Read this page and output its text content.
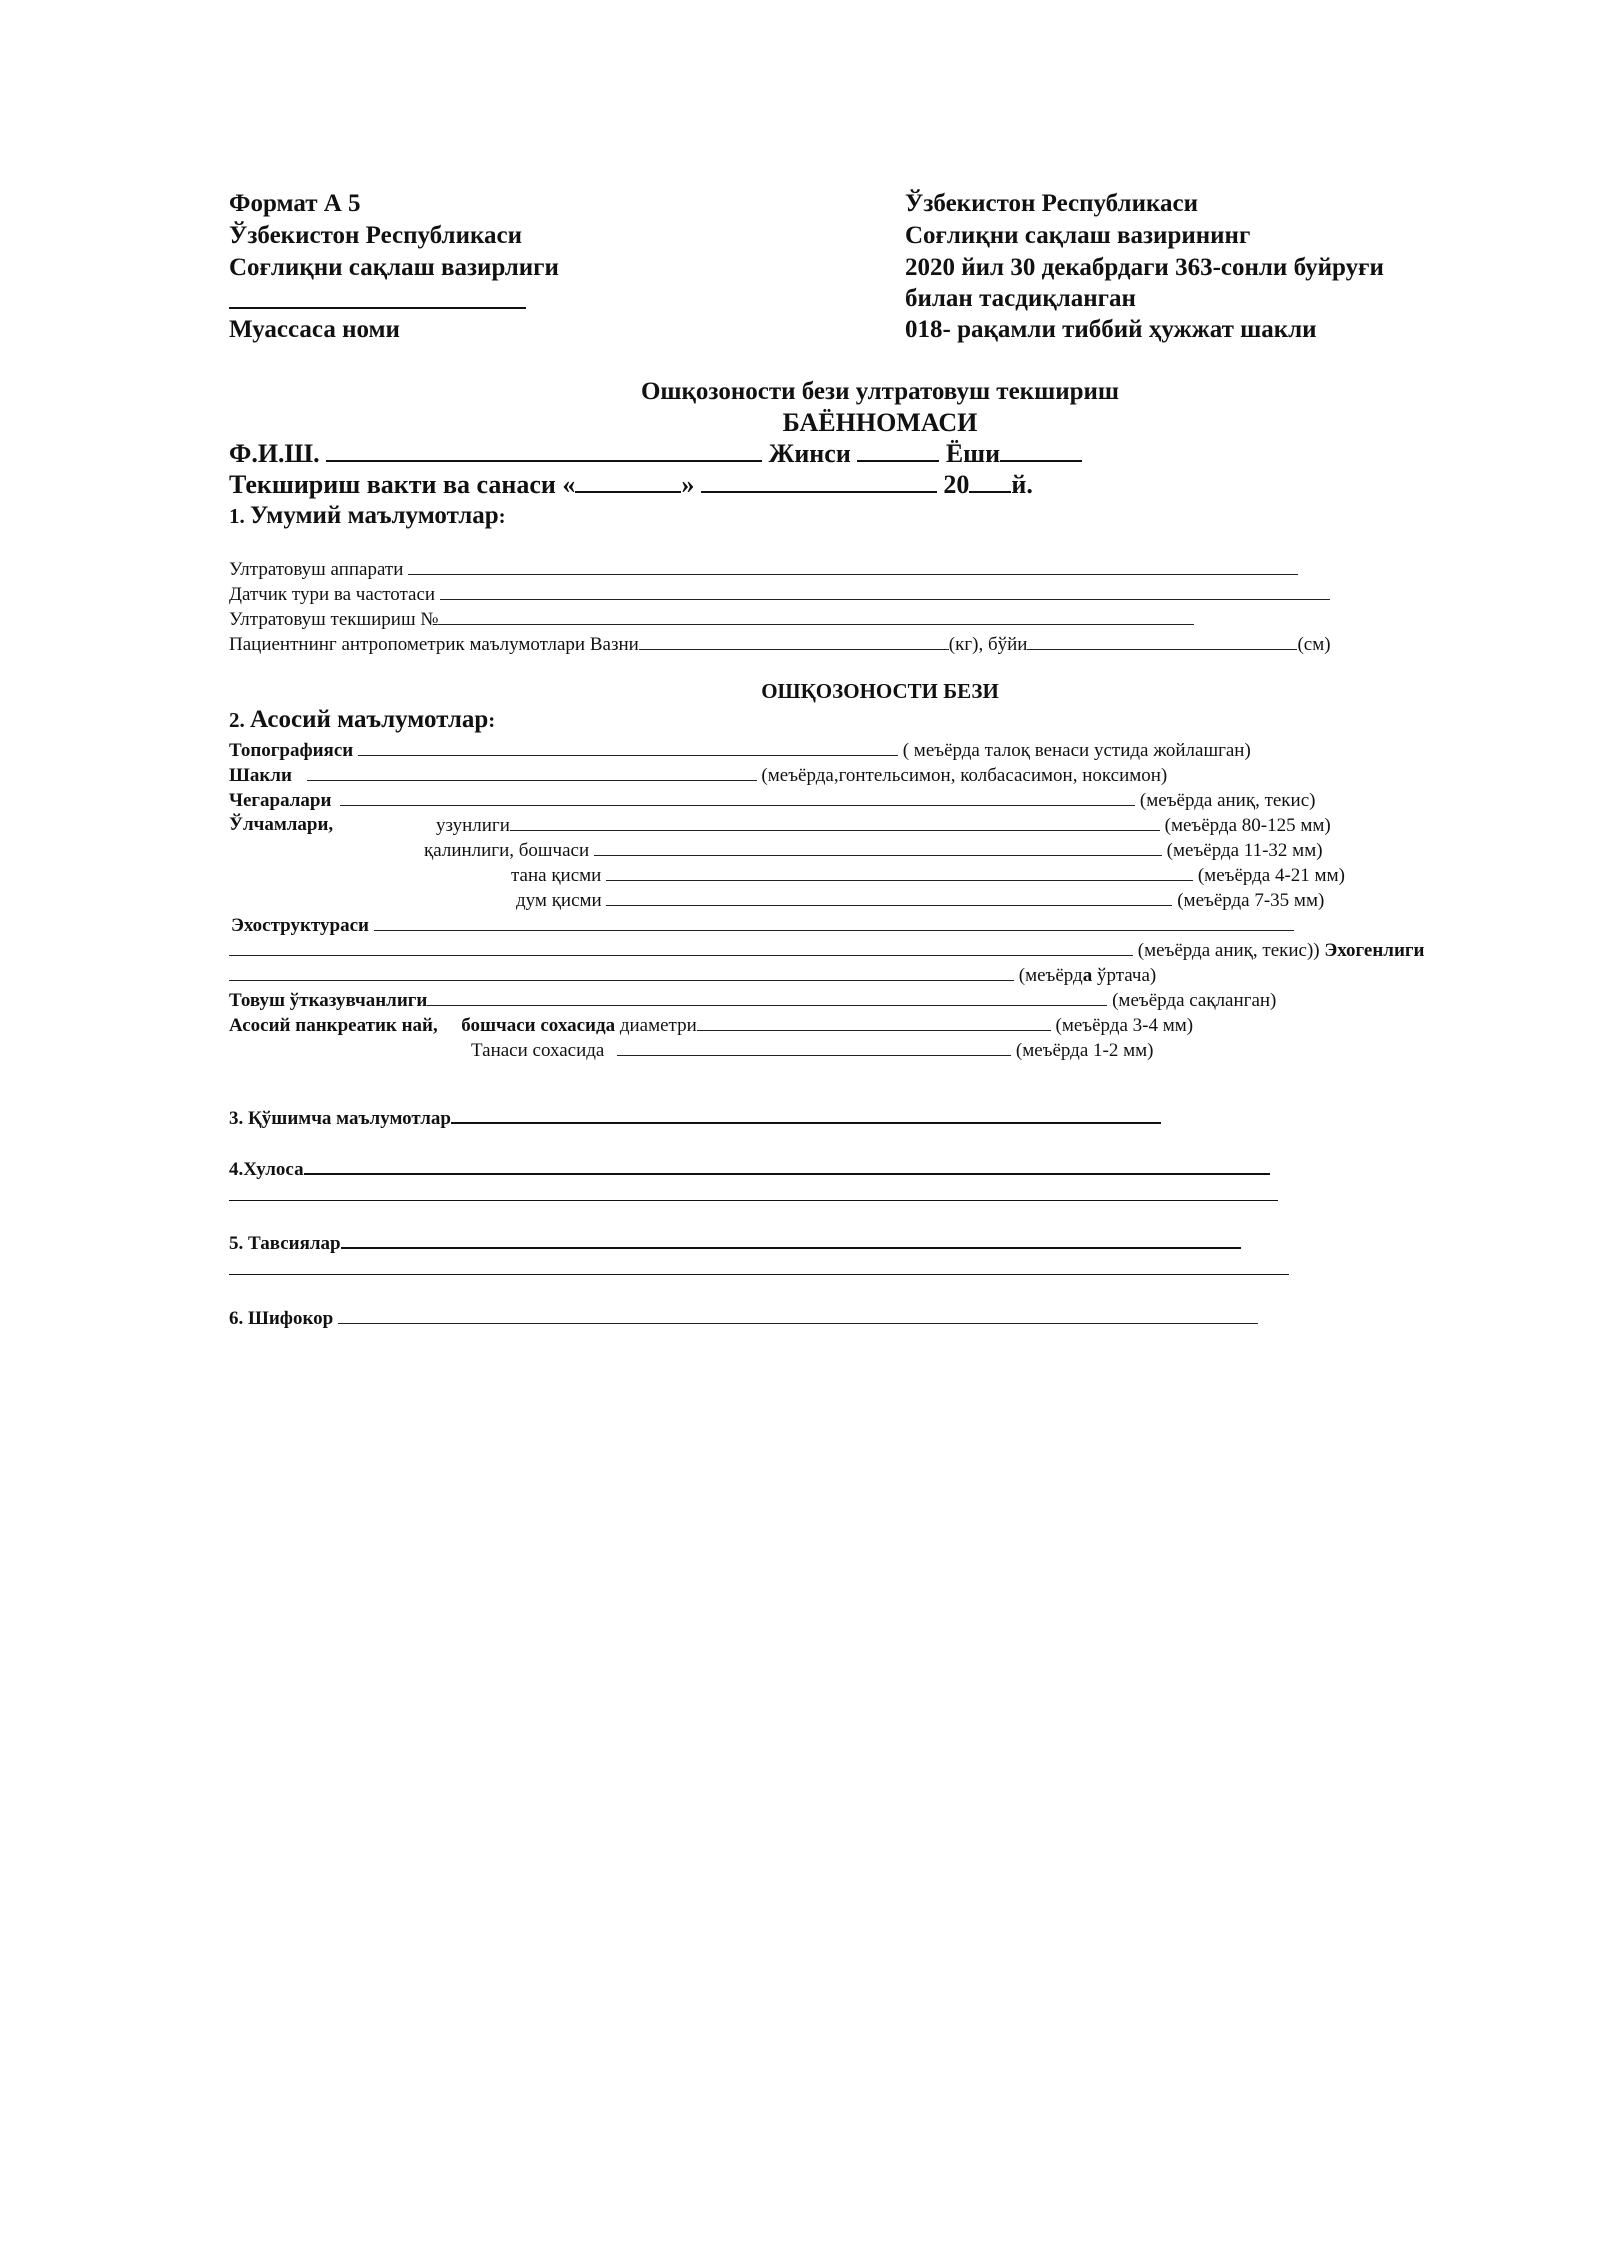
Формат А 5
Ўзбекистон Республикаси
Соғлиқни сақлаш вазирлиги
Муассаса номи
Ўзбекистон Республикаси
Соғлиқни сақлаш вазирининг
2020 йил 30 декабрдаги 363-сонли буйруғи
билан тасдиқланган
018- рақамли тиббий ҳужжат шакли
Ошқозоности бези ултратовуш текшириш
БАЁННОМАСИ
Ф.И.Ш.	Жинси	Ёши
Текшириш вакти ва санаси «	»	20 й.
1. Умумий маълумотлар:
Ултратовуш аппарати
Датчик тури ва частотаси
Ултратовуш текшириш №
Пациентнинг антропометрик маълумотлари Вазни	(кг), бўйи	(см)
ОШҚОЗОНОСТИ БЕЗИ
2. Асосий маълумотлар:
Топографияси	( меъёрда талоқ венаси устида жойлашган)
Шакли	(меъёрда,гонтельсимон, колбасасимон, ноксимон)
Чегаралари	(меъёрда аниқ, текис)
Ўлчамлари,	узунлиги	(меъёрда 80-125 мм)
қалинлиги, бошчаси	(меъёрда 11-32 мм)
тана қисми	(меъёрда 4-21 мм)
дум қисми	(меъёрда 7-35 мм)
Эхоструктураси
(меъёрда аниқ, текис)) Эхогенлиги
(меъёрда ўртача)
Товуш ўтказувчанлиги	(меъёрда сақланган)
Асосий панкреатик най, бошчаси сохасида диаметри	(меъёрда 3-4 мм)
Танаси сохасида	(меъёрда 1-2 мм)
3. Қўшимча маълумотлар
4.Хулоса
5. Тавсиялар
6. Шифокор
